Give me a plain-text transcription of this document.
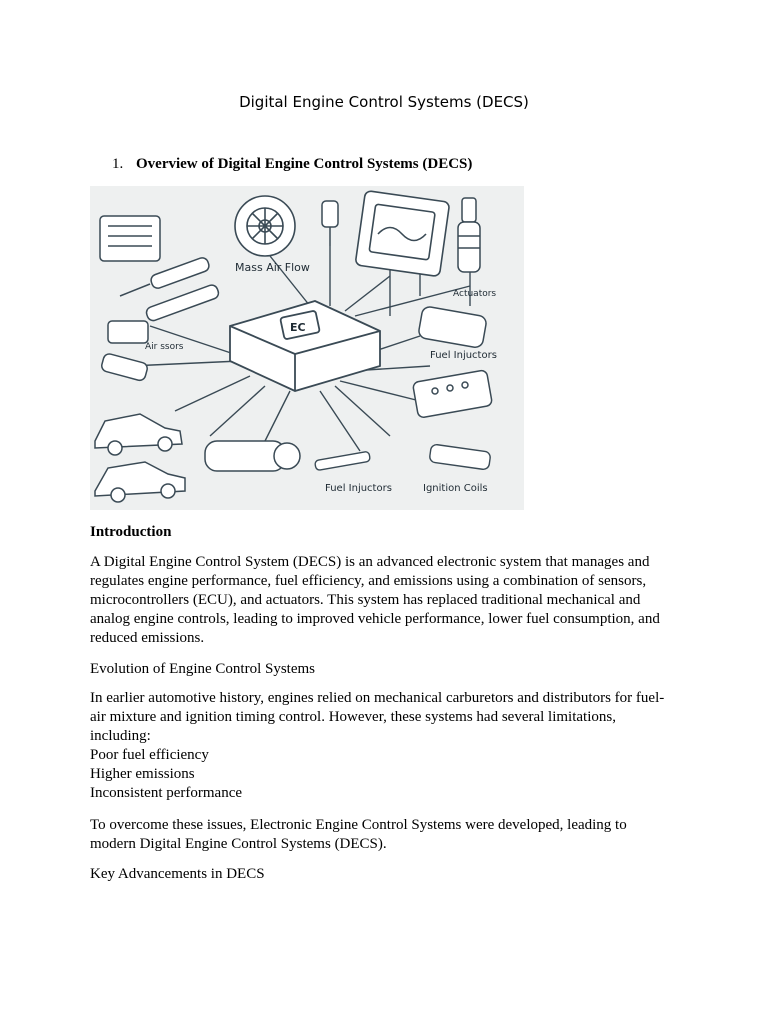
Digital Engine Control Systems (DECS)
1. Overview of Digital Engine Control Systems (DECS)
Mass Air Flow
Actuators
Air ssors
Fuel Injuctors
Fuel Injuctors	Ignition Coils
EC
Introduction
A Digital Engine Control System (DECS) is an advanced electronic system that manages and
regulates engine performance, fuel efficiency, and emissions using a combination of sensors,
microcontrollers (ECU), and actuators. This system has replaced traditional mechanical and
analog engine controls, leading to improved vehicle performance, lower fuel consumption, and
reduced emissions.
Evolution of Engine Control Systems
In earlier automotive history, engines relied on mechanical carburetors and distributors for fuel-
air mixture and ignition timing control. However, these systems had several limitations,
including:
Poor fuel efficiency
Higher emissions
Inconsistent performance
To overcome these issues, Electronic Engine Control Systems were developed, leading to
modern Digital Engine Control Systems (DECS).
Key Advancements in DECS
